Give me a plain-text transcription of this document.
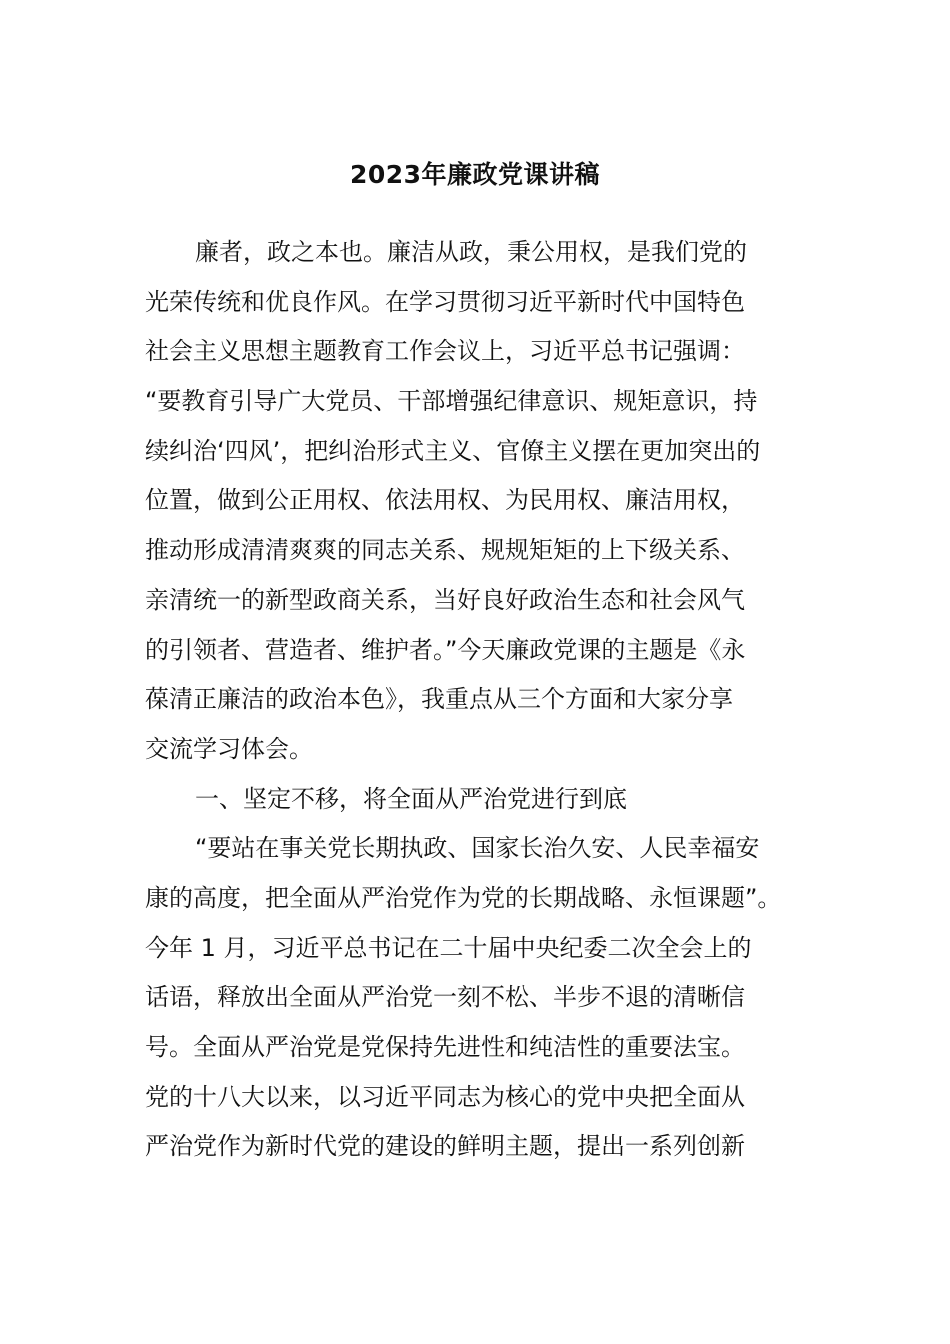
2023年廉政党课讲稿
廉者，政之本也。廉洁从政，秉公用权，是我们党的
光荣传统和优良作风。在学习贯彻习近平新时代中国特色
社会主义思想主题教育工作会议上，习近平总书记强调：
“要教育引导广大党员、干部增强纪律意识、规矩意识，持
续纠治‘四风’，把纠治形式主义、官僚主义摆在更加突出的
位置，做到公正用权、依法用权、为民用权、廉洁用权，
推动形成清清爽爽的同志关系、规规矩矩的上下级关系、
亲清统一的新型政商关系，当好良好政治生态和社会风气
的引领者、营造者、维护者。”今天廉政党课的主题是《永
葆清正廉洁的政治本色》，我重点从三个方面和大家分享
交流学习体会。
一、坚定不移，将全面从严治党进行到底
“要站在事关党长期执政、国家长治久安、人民幸福安
康的高度，把全面从严治党作为党的长期战略、永恒课题”。
今年 1 月，习近平总书记在二十届中央纪委二次全会上的
话语，释放出全面从严治党一刻不松、半步不退的清晰信
号。全面从严治党是党保持先进性和纯洁性的重要法宝。
党的十八大以来，以习近平同志为核心的党中央把全面从
严治党作为新时代党的建设的鲜明主题，提出一系列创新
